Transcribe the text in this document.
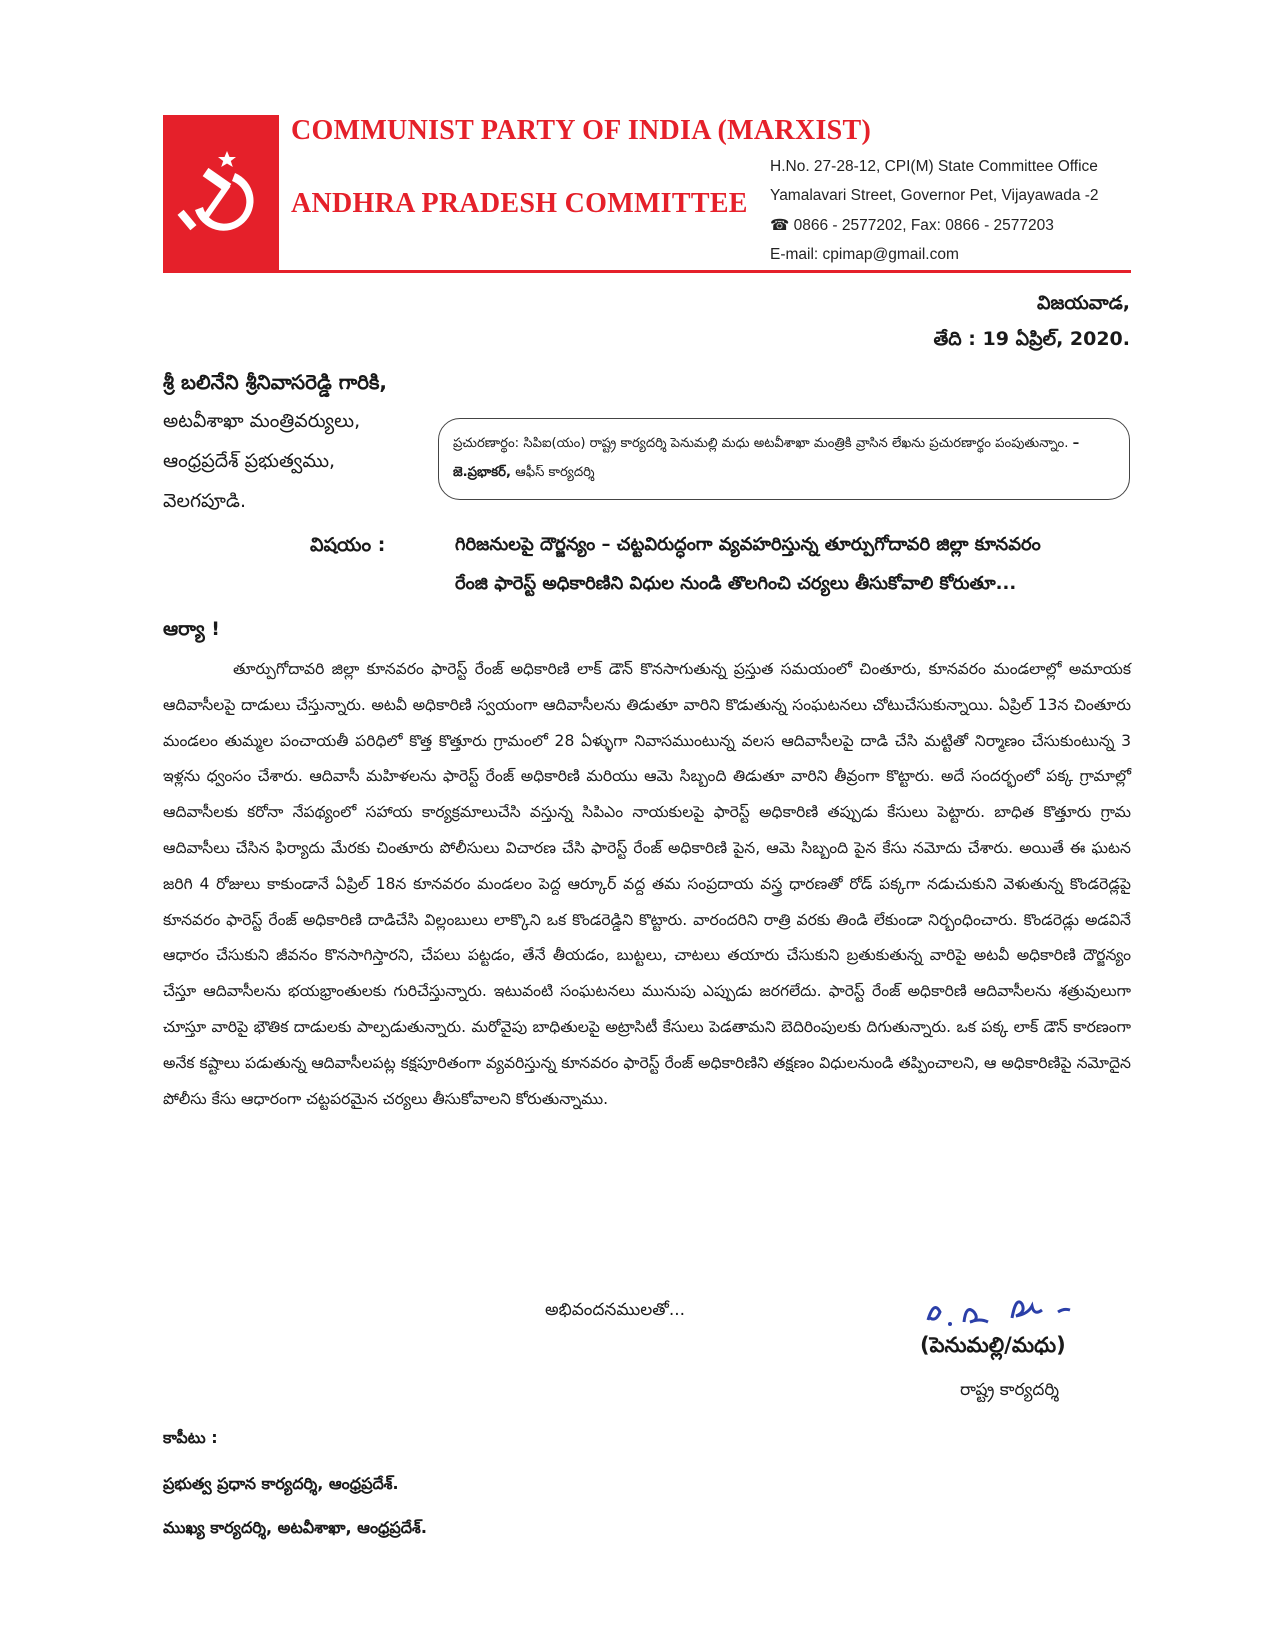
COMMUNIST PARTY OF INDIA (MARXIST)
ANDHRA PRADESH COMMITTEE
H.No. 27-28-12, CPI(M) State Committee Office
Yamalavari Street, Governor Pet, Vijayawada -2
☎ 0866 - 2577202, Fax: 0866 - 2577203
E-mail: cpimap@gmail.com
విజయవాడ,
తేది : 19 ఏప్రిల్, 2020.
శ్రీ బలినేని శ్రీనివాసరెడ్డి గారికి,
అటవీశాఖా మంత్రివర్యులు,
ఆంధ్రప్రదేశ్ ప్రభుత్వము,
వెలగపూడి.
ప్రచురణార్థం: సిపిఐ(యం) రాష్ట్ర కార్యదర్శి పెనుమల్లి మధు అటవీశాఖా మంత్రికి వ్రాసిన లేఖను ప్రచురణార్థం పంపుతున్నాం. – జె.ప్రభాకర్, ఆఫీస్ కార్యదర్శి
విషయం :	గిరిజనులపై దౌర్జన్యం – చట్టవిరుద్ధంగా వ్యవహరిస్తున్న తూర్పుగోదావరి జిల్లా కూనవరం
రేంజి ఫారెస్ట్ అధికారిణిని విధుల నుండి తొలగించి చర్యలు తీసుకోవాలి కోరుతూ...
ఆర్యా !
తూర్పుగోదావరి జిల్లా కూనవరం ఫారెస్ట్ రేంజ్ అధికారిణి లాక్ డౌన్ కొనసాగుతున్న ప్రస్తుత సమయంలో చింతూరు, కూనవరం మండలాల్లో అమాయక ఆదివాసీలపై దాడులు చేస్తున్నారు. అటవీ అధికారిణి స్వయంగా ఆదివాసీలను తిడుతూ వారిని కొడుతున్న సంఘటనలు చోటుచేసుకున్నాయి. ఏప్రిల్ 13న చింతూరు మండలం తుమ్మల పంచాయతీ పరిధిలో కొత్త కొత్తూరు గ్రామంలో 28 ఏళ్ళుగా నివాసముంటున్న వలస ఆదివాసీలపై దాడి చేసి మట్టితో నిర్మాణం చేసుకుంటున్న 3 ఇళ్లను ధ్వంసం చేశారు. ఆదివాసీ మహిళలను ఫారెస్ట్ రేంజ్ అధికారిణి మరియు ఆమె సిబ్బంది తిడుతూ వారిని తీవ్రంగా కొట్టారు. అదే సందర్భంలో పక్క గ్రామాల్లో ఆదివాసీలకు కరోనా నేపథ్యంలో సహాయ కార్యక్రమాలుచేసి వస్తున్న సిపిఎం నాయకులపై ఫారెస్ట్ అధికారిణి తప్పుడు కేసులు పెట్టారు. బాధిత కొత్తూరు గ్రామ ఆదివాసీలు చేసిన ఫిర్యాదు మేరకు చింతూరు పోలీసులు విచారణ చేసి ఫారెస్ట్ రేంజ్ అధికారిణి పైన, ఆమె సిబ్బంది పైన కేసు నమోదు చేశారు. అయితే ఈ ఘటన జరిగి 4 రోజులు కాకుండానే ఏప్రిల్ 18న కూనవరం మండలం పెద్ద ఆర్కూర్ వద్ద తమ సంప్రదాయ వస్త్ర ధారణతో రోడ్ పక్కగా నడుచుకుని వెళుతున్న కొండరెడ్లపై కూనవరం ఫారెస్ట్ రేంజ్ అధికారిణి దాడిచేసి విల్లంబులు లాక్కొని ఒక కొండరెడ్డిని కొట్టారు. వారందరిని రాత్రి వరకు తిండి లేకుండా నిర్బంధించారు. కొండరెడ్లు అడవినే ఆధారం చేసుకుని జీవనం కొనసాగిస్తారని, చేపలు పట్టడం, తేనే తీయడం, బుట్టలు, చాటలు తయారు చేసుకుని బ్రతుకుతున్న వారిపై అటవీ అధికారిణి దౌర్జన్యం చేస్తూ ఆదివాసీలను భయభ్రాంతులకు గురిచేస్తున్నారు. ఇటువంటి సంఘటనలు మునుపు ఎప్పుడు జరగలేదు. ఫారెస్ట్ రేంజ్ అధికారిణి ఆదివాసీలను శత్రువులుగా చూస్తూ వారిపై భౌతిక దాడులకు పాల్పడుతున్నారు. మరోవైపు బాధితులపై అట్రాసిటీ కేసులు పెడతామని బెదిరింపులకు దిగుతున్నారు. ఒక పక్క లాక్ డౌన్ కారణంగా అనేక కష్టాలు పడుతున్న ఆదివాసీలపట్ల కక్షపూరితంగా వ్యవరిస్తున్న కూనవరం ఫారెస్ట్ రేంజ్ అధికారిణిని తక్షణం విధులనుండి తప్పించాలని, ఆ అధికారిణిపై నమోదైన పోలీసు కేసు ఆధారంగా చట్టపరమైన చర్యలు తీసుకోవాలని కోరుతున్నాము.
అభివందనములతో...
(పెనుమల్లి/మధు)
రాష్ట్ర కార్యదర్శి
కాపీటు :
ప్రభుత్వ ప్రధాన కార్యదర్శి, ఆంధ్రప్రదేశ్.
ముఖ్య కార్యదర్శి, అటవీశాఖా, ఆంధ్రప్రదేశ్.
